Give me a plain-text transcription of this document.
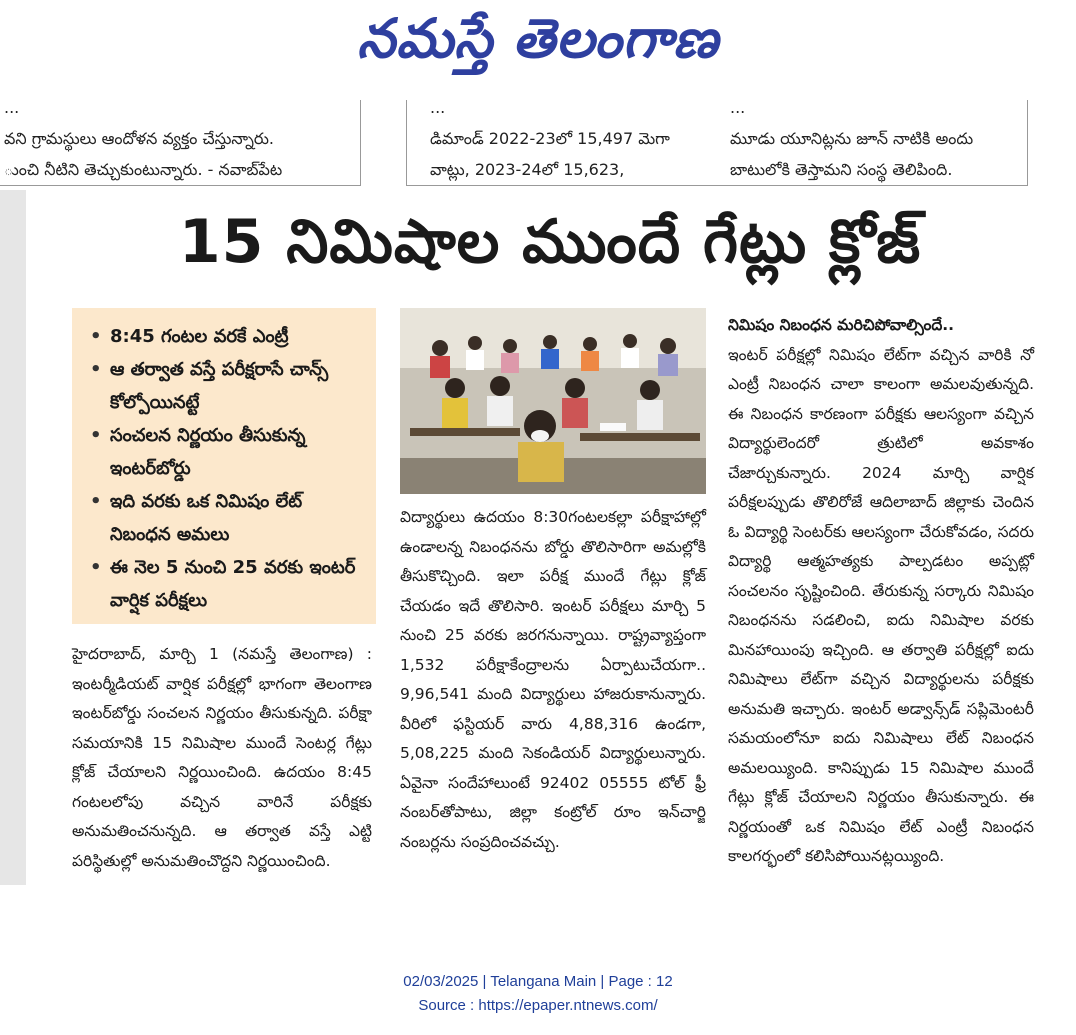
నమస్తే తెలంగాణ

...

వని గ్రామస్థులు ఆందోళన వ్యక్తం చేస్తున్నారు.

ుంచి నీటిని తెచ్చుకుంటున్నారు. - నవాబ్‌పేట

...

డిమాండ్ 2022-23లో 15,497 మెగా

వాట్లు, 2023-24లో 15,623,

...

మూడు యూనిట్లను జూన్ నాటికి అందు

బాటులోకి తెస్తామని సంస్థ తెలిపింది.

15 నిమిషాల ముందే గేట్లు క్లోజ్
• 8:45 గంటల వరకే ఎంట్రీ
• ఆ తర్వాత వస్తే పరీక్షరాసే చాన్స్ కోల్పోయినట్టే
• సంచలన నిర్ణయం తీసుకున్న ఇంటర్‌బోర్డు
• ఇది వరకు ఒక నిమిషం లేట్ నిబంధన అమలు
• ఈ నెల 5 నుంచి 25 వరకు ఇంటర్ వార్షిక పరీక్షలు

హైదరాబాద్, మార్చి 1 (నమస్తే తెలంగాణ) : ఇంటర్మీడియట్ వార్షిక పరీక్షల్లో భాగంగా తెలంగాణ ఇంటర్‌బోర్డు సంచలన నిర్ణయం తీసుకున్నది. పరీక్షా సమయానికి 15 నిమిషాల ముందే సెంటర్ల గేట్లు క్లోజ్ చేయాలని నిర్ణయించింది. ఉదయం 8:45 గంటలలోపు వచ్చిన వారినే పరీక్షకు అనుమతించనున్నది. ఆ తర్వాత వస్తే ఎట్టి పరిస్థితుల్లో అనుమతించొద్దని నిర్ణయించింది.

విద్యార్థులు ఉదయం 8:30గంటలకల్లా పరీక్షాహాల్లో ఉండాలన్న నిబంధనను బోర్డు తొలిసారిగా అమల్లోకి తీసుకొచ్చింది. ఇలా పరీక్ష ముందే గేట్లు క్లోజ్ చేయడం ఇదే తొలిసారి. ఇంటర్ పరీక్షలు మార్చి 5 నుంచి 25 వరకు జరగనున్నాయి. రాష్ట్రవ్యాప్తంగా 1,532 పరీక్షాకేంద్రాలను ఏర్పాటుచేయగా.. 9,96,541 మంది విద్యార్థులు హాజరుకానున్నారు. వీరిలో ఫస్టియర్ వారు 4,88,316 ఉండగా, 5,08,225 మంది సెకండియర్ విద్యార్థులున్నారు. ఏవైనా సందేహాలుంటే 92402 05555 టోల్ ఫ్రీ నంబర్‌తోపాటు, జిల్లా కంట్రోల్ రూం ఇన్‌చార్జి నంబర్లను సంప్రదించవచ్చు.

నిమిషం నిబంధన మరిచిపోవాల్సిందే..

ఇంటర్ పరీక్షల్లో నిమిషం లేట్‌గా వచ్చిన వారికి నో ఎంట్రీ నిబంధన చాలా కాలంగా అమలవుతున్నది. ఈ నిబంధన కారణంగా పరీక్షకు ఆలస్యంగా వచ్చిన విద్యార్థులెందరో త్రుటిలో అవకాశం చేజార్చుకున్నారు. 2024 మార్చి వార్షిక పరీక్షలప్పుడు తొలిరోజే ఆదిలాబాద్ జిల్లాకు చెందిన ఓ విద్యార్థి సెంటర్‌కు ఆలస్యంగా చేరుకోవడం, సదరు విద్యార్థి ఆత్మహత్యకు పాల్పడటం అప్పట్లో సంచలనం సృష్టించింది. తేరుకున్న సర్కారు నిమిషం నిబంధనను సడలించి, ఐదు నిమిషాల వరకు మినహాయింపు ఇచ్చింది. ఆ తర్వాతి పరీక్షల్లో ఐదు నిమిషాలు లేట్‌గా వచ్చిన విద్యార్థులను పరీక్షకు అనుమతి ఇచ్చారు. ఇంటర్ అడ్వాన్స్‌డ్ సప్లిమెంటరీ సమయంలోనూ ఐదు నిమిషాలు లేట్ నిబంధన అమలయ్యింది. కానిప్పుడు 15 నిమిషాల ముందే గేట్లు క్లోజ్ చేయాలని నిర్ణయం తీసుకున్నారు. ఈ నిర్ణయంతో ఒక నిమిషం లేట్ ఎంట్రీ నిబంధన కాలగర్భంలో కలిసిపోయినట్లయ్యింది.

02/03/2025 | Telangana Main | Page : 12
Source : https://epaper.ntnews.com/
